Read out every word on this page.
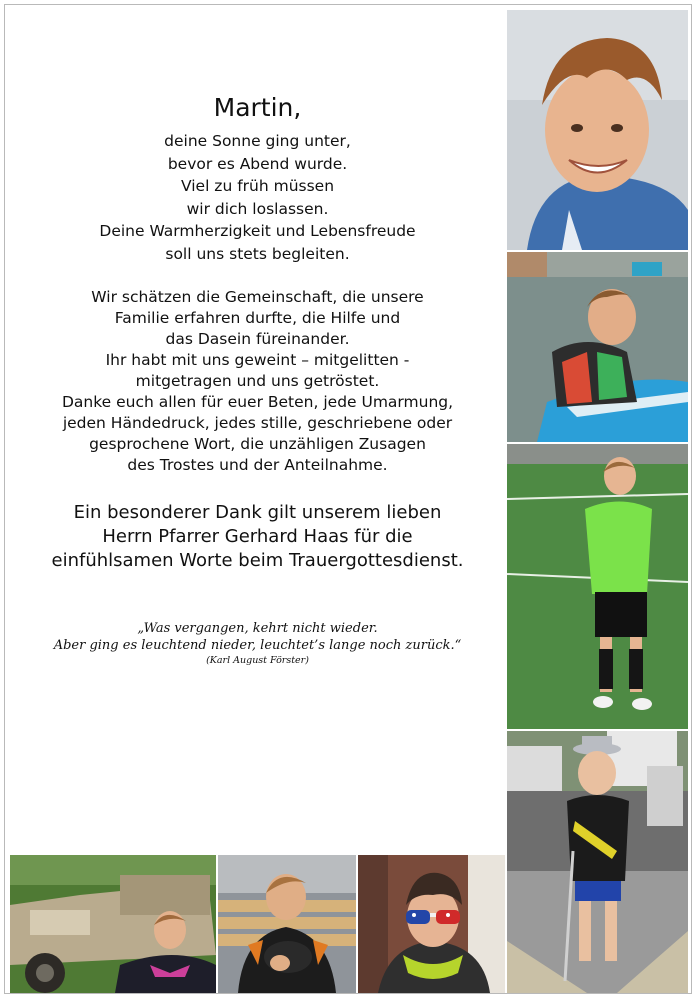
Martin,
deine Sonne ging unter,
bevor es Abend wurde.
Viel zu früh müssen
wir dich loslassen.
Deine Warmherzigkeit und Lebensfreude
soll uns stets begleiten.
Wir schätzen die Gemeinschaft, die unsere
Familie erfahren durfte, die Hilfe und
das Dasein füreinander.
Ihr habt mit uns geweint – mitgelitten -
mitgetragen und uns getröstet.
Danke euch allen für euer Beten, jede Umarmung,
jeden Händedruck, jedes stille, geschriebene oder
gesprochene Wort, die unzähligen Zusagen
des Trostes und der Anteilnahme.
Ein besonderer Dank gilt unserem lieben
Herrn Pfarrer Gerhard Haas für die
einfühlsamen Worte beim Trauergottesdienst.
„Was vergangen, kehrt nicht wieder.
Aber ging es leuchtend nieder, leuchtet’s lange noch zurück.“
(Karl August Förster)
